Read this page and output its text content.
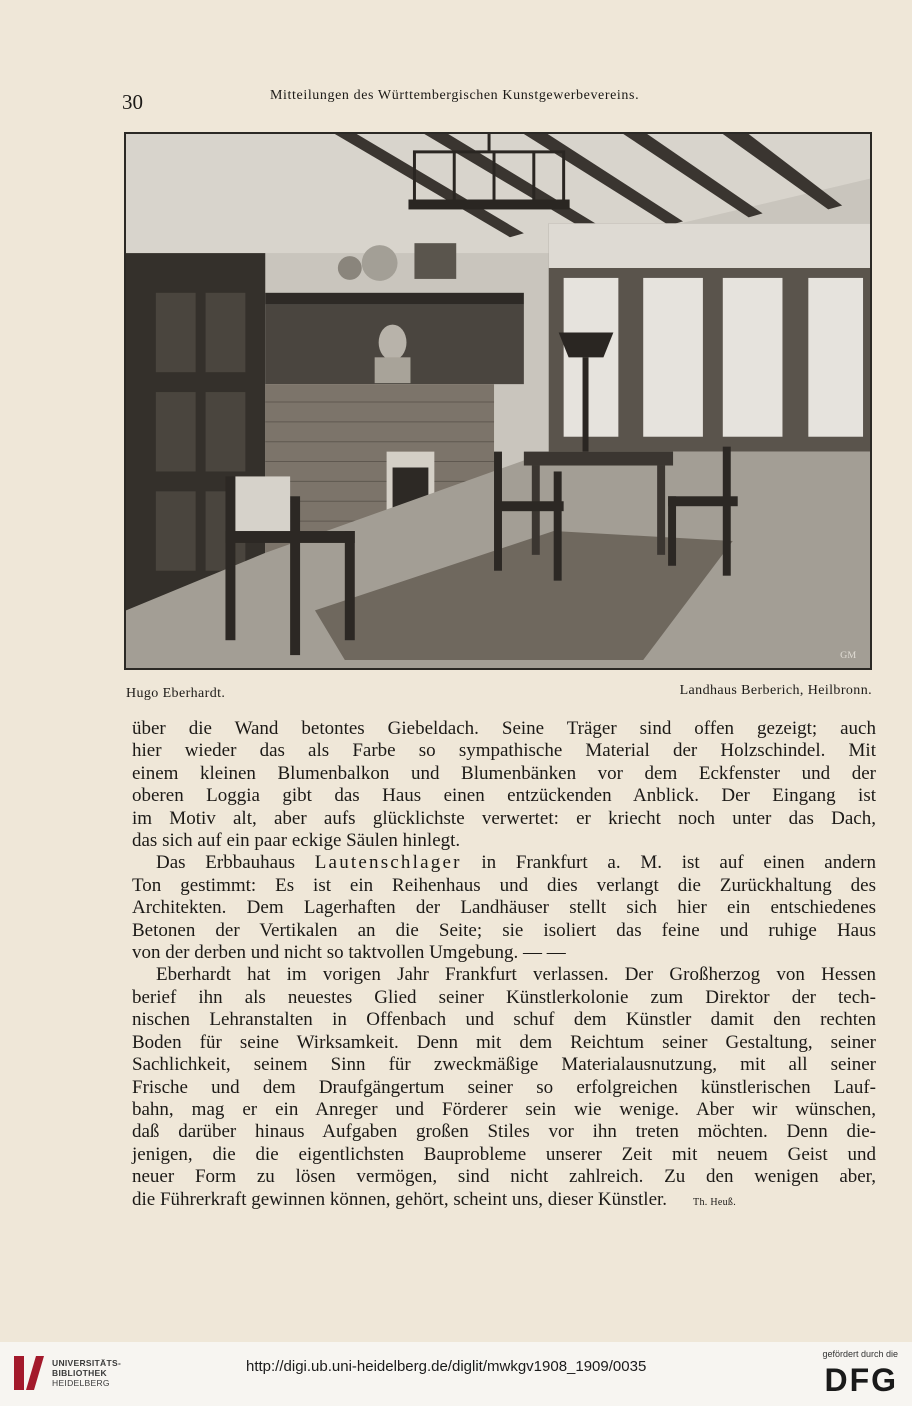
30	Mitteilungen des Württembergischen Kunstgewerbevereins.
GM
Hugo Eberhardt.	Landhaus Berberich, Heilbronn.
über die Wand betontes Giebeldach. Seine Träger sind offen gezeigt; auch
hier wieder das als Farbe so sympathische Material der Holzschindel. Mit
einem kleinen Blumenbalkon und Blumenbänken vor dem Eckfenster und der
oberen Loggia gibt das Haus einen entzückenden Anblick. Der Eingang ist
im Motiv alt, aber aufs glücklichste verwertet: er kriecht noch unter das Dach,
das sich auf ein paar eckige Säulen hinlegt.
Das Erbbauhaus Lautenschlager in Frankfurt a. M. ist auf einen andern
Ton gestimmt: Es ist ein Reihenhaus und dies verlangt die Zurückhaltung des
Architekten. Dem Lagerhaften der Landhäuser stellt sich hier ein entschiedenes
Betonen der Vertikalen an die Seite; sie isoliert das feine und ruhige Haus
von der derben und nicht so taktvollen Umgebung. — —
Eberhardt hat im vorigen Jahr Frankfurt verlassen. Der Großherzog von Hessen
berief ihn als neuestes Glied seiner Künstlerkolonie zum Direktor der tech-
nischen Lehranstalten in Offenbach und schuf dem Künstler damit den rechten
Boden für seine Wirksamkeit. Denn mit dem Reichtum seiner Gestaltung, seiner
Sachlichkeit, seinem Sinn für zweckmäßige Materialausnutzung, mit all seiner
Frische und dem Draufgängertum seiner so erfolgreichen künstlerischen Lauf-
bahn, mag er ein Anreger und Förderer sein wie wenige. Aber wir wünschen,
daß darüber hinaus Aufgaben großen Stiles vor ihn treten möchten. Denn die-
jenigen, die die eigentlichsten Bauprobleme unserer Zeit mit neuem Geist und
neuer Form zu lösen vermögen, sind nicht zahlreich. Zu den wenigen aber,
die Führerkraft gewinnen können, gehört, scheint uns, dieser Künstler.	Th. Heuß.
UNIVERSITÄTS-
BIBLIOTHEK
HEIDELBERG
http://digi.ub.uni-heidelberg.de/diglit/mwkgv1908_1909/0035
gefördert durch die
DFG
